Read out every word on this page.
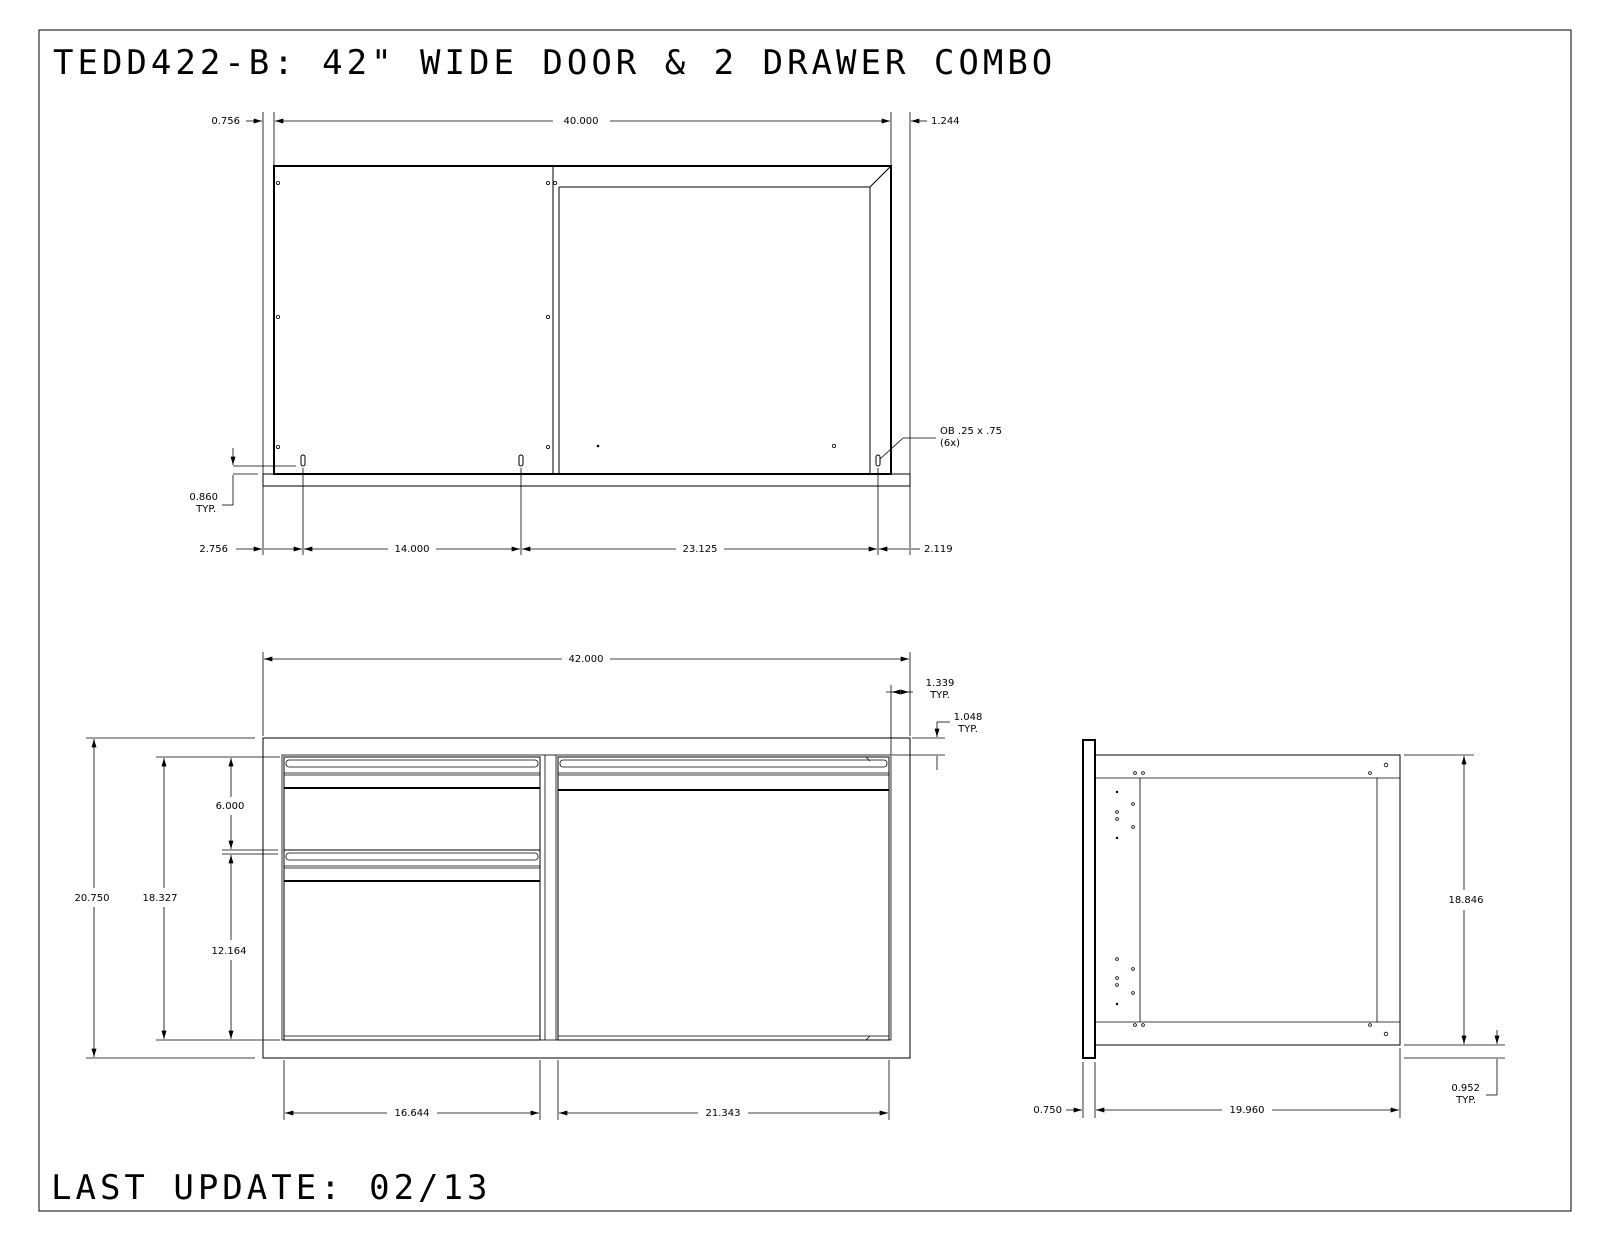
TEDD422-B: 42" WIDE DOOR & 2 DRAWER COMBO
40.000
0.756	1.244
0.860
TYP.
OB .25 x .75
(6x)
2.756	14.000	23.125	2.119
42.000
1.339
TYP.
1.048
TYP.
20.750	18.327
6.000
12.164
16.644	21.343
18.846
0.952
TYP.
0.750	19.960
LAST UPDATE: 02/13
